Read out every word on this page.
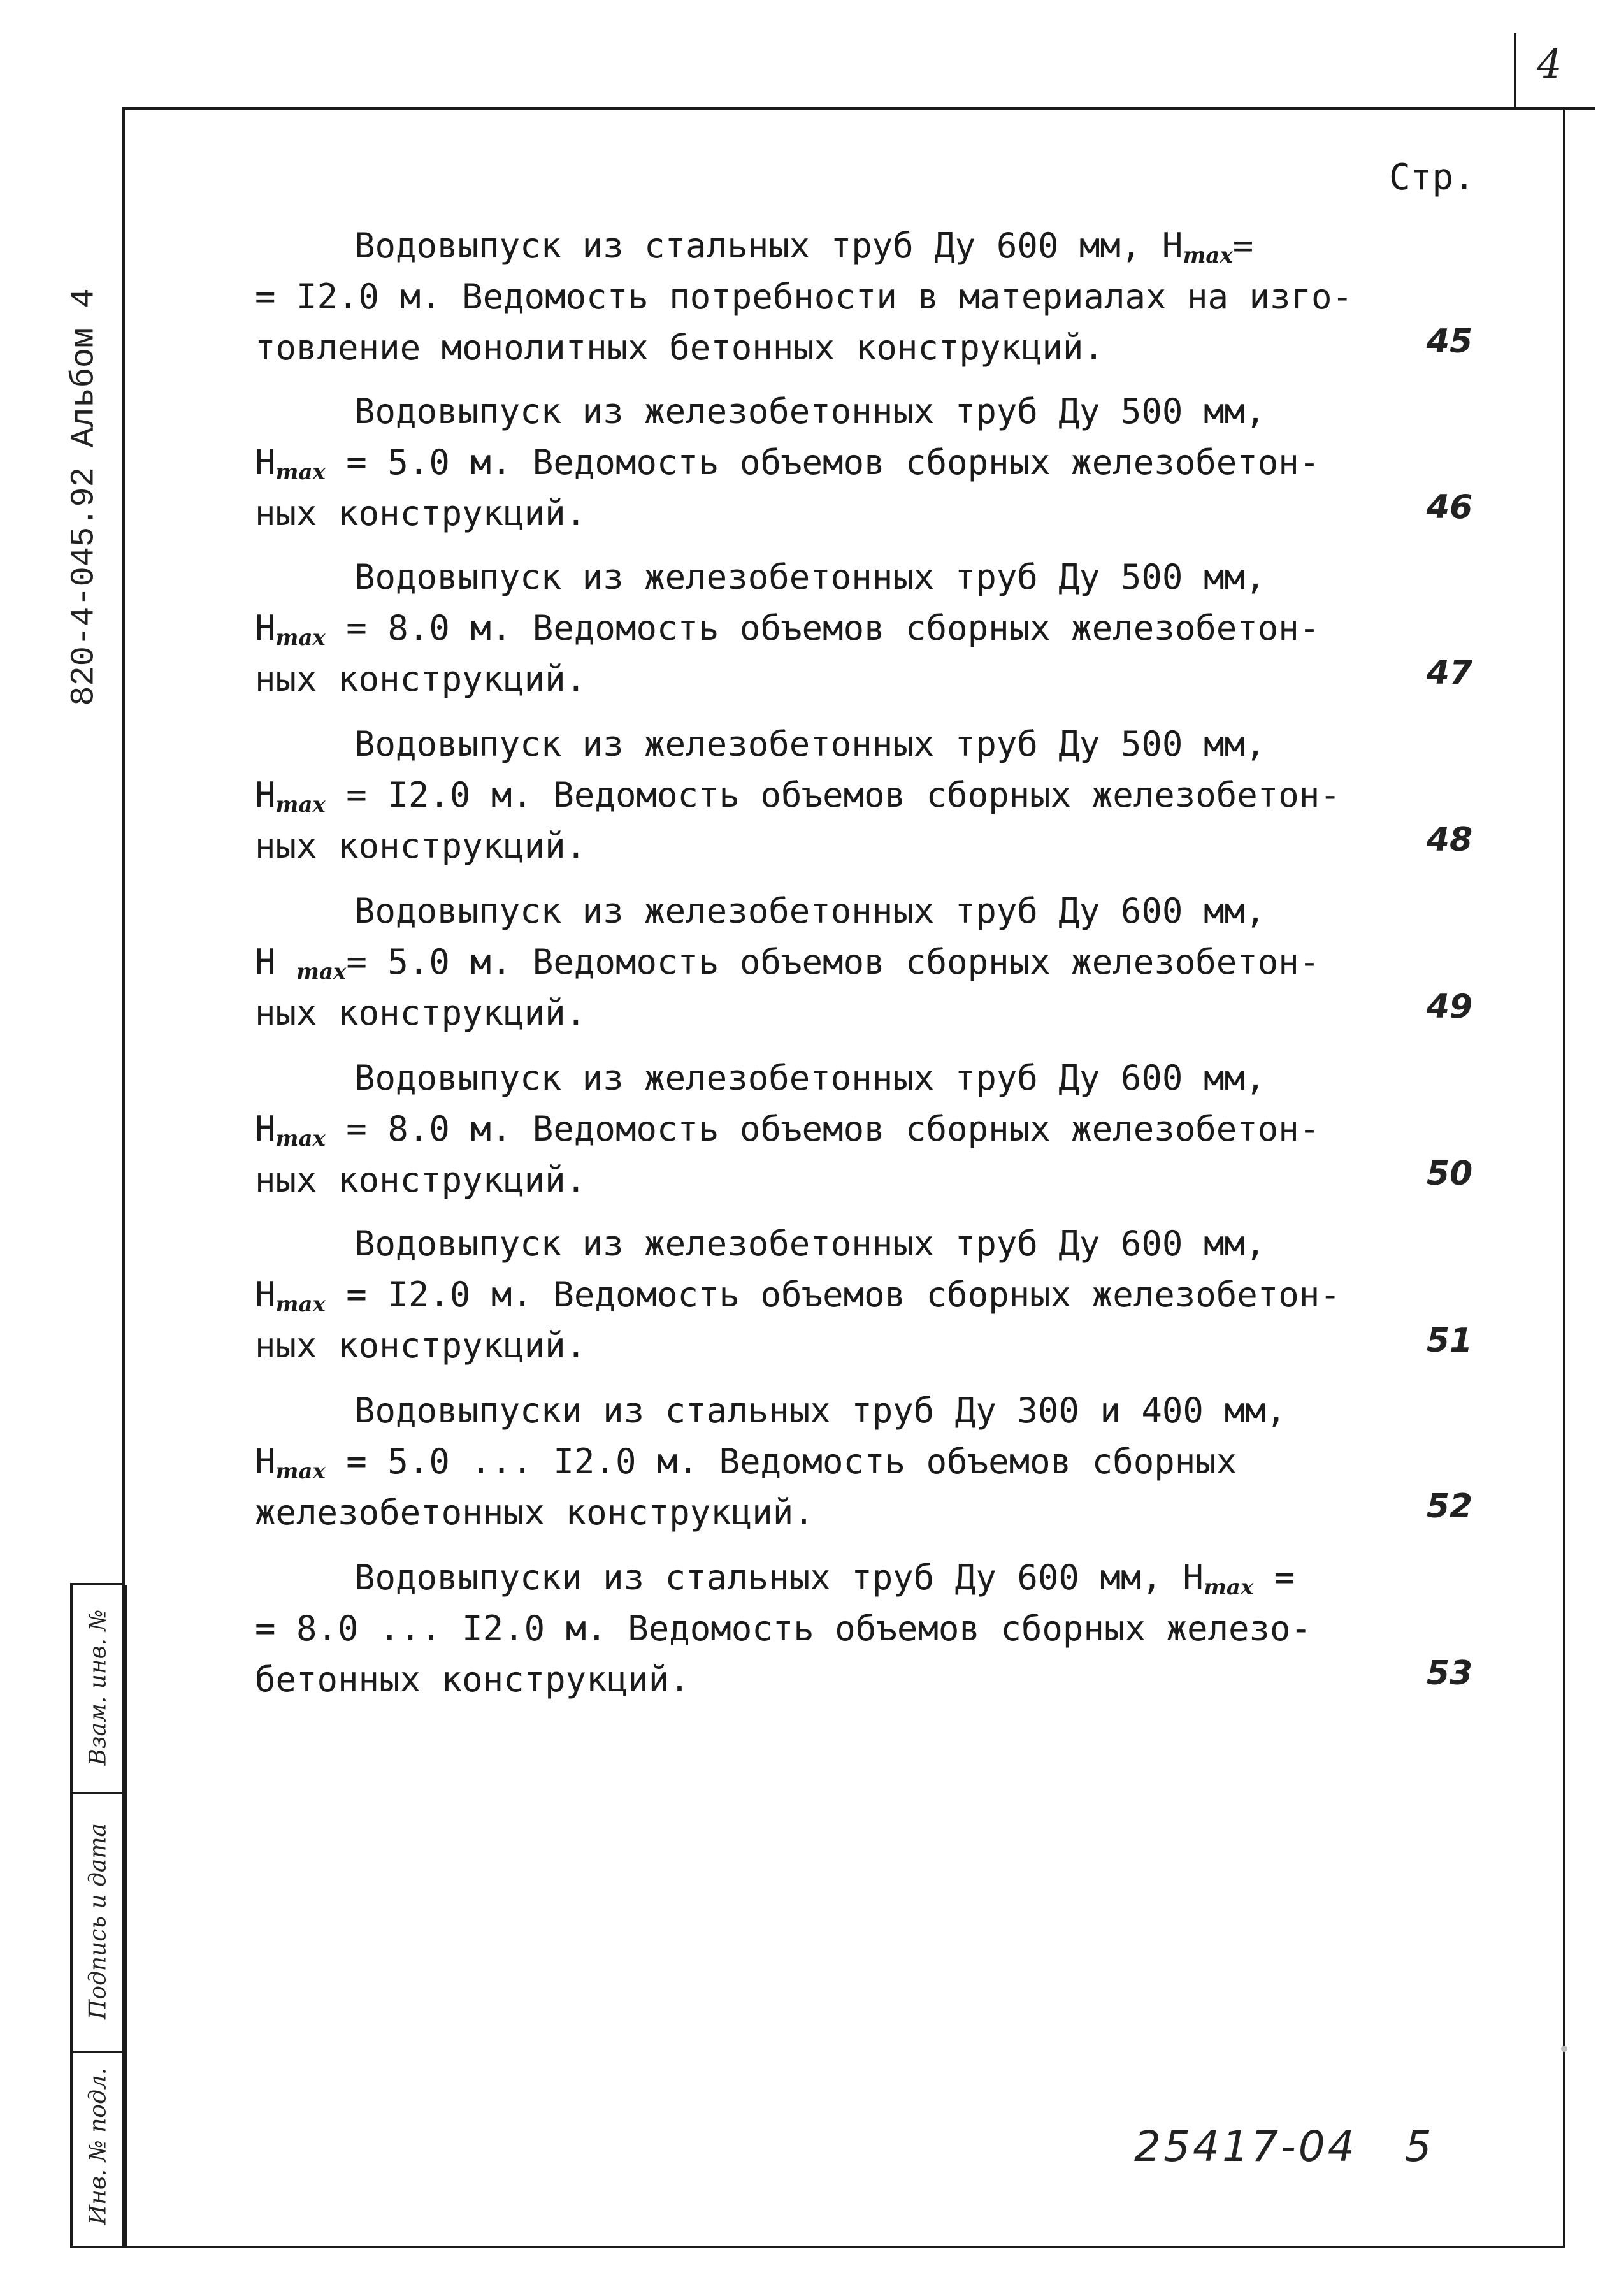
4
820-4-045.92 Альбом 4
Взам. инв. №
Подпись и дата
Инв. № подл.
Стр.
Водовыпуск из стальных труб Ду 600 мм, $Н_{max}=$
= I2.0 м. Ведомость потребности в материалах на изго-
товление монолитных бетонных конструкций.	45
Водовыпуск из железобетонных труб Ду 500 мм,
$Н_{max} = 5.0$ м. Ведомость объемов сборных железобетон-
ных конструкций.	46
Водовыпуск из железобетонных труб Ду 500 мм,
$Н_{max} = 8.0$ м. Ведомость объемов сборных железобетон-
ных конструкций.	47
Водовыпуск из железобетонных труб Ду 500 мм,
$Н_{max} = I2.0$ м. Ведомость объемов сборных железобетон-
ных конструкций.	48
Водовыпуск из железобетонных труб Ду 600 мм,
Н $_{max}$= 5.0 м. Ведомость объемов сборных железобетон-
ных конструкций.	49
Водовыпуск из железобетонных труб Ду 600 мм,
$Н_{max} = 8.0$ м. Ведомость объемов сборных железобетон-
ных конструкций.	50
Водовыпуск из железобетонных труб Ду 600 мм,
$Н_{max} = I2.0$ м. Ведомость объемов сборных железобетон-
ных конструкций.	51
Водовыпуски из стальных труб Ду 300 и 400 мм,
$Н_{max} = 5.0$ ... I2.0 м. Ведомость объемов сборных
железобетонных конструкций.	52
Водовыпуски из стальных труб Ду 600 мм, $Н_{max}$ =
= 8.0 ... I2.0 м. Ведомость объемов сборных железо-
бетонных конструкций.	53
25417-04 5
